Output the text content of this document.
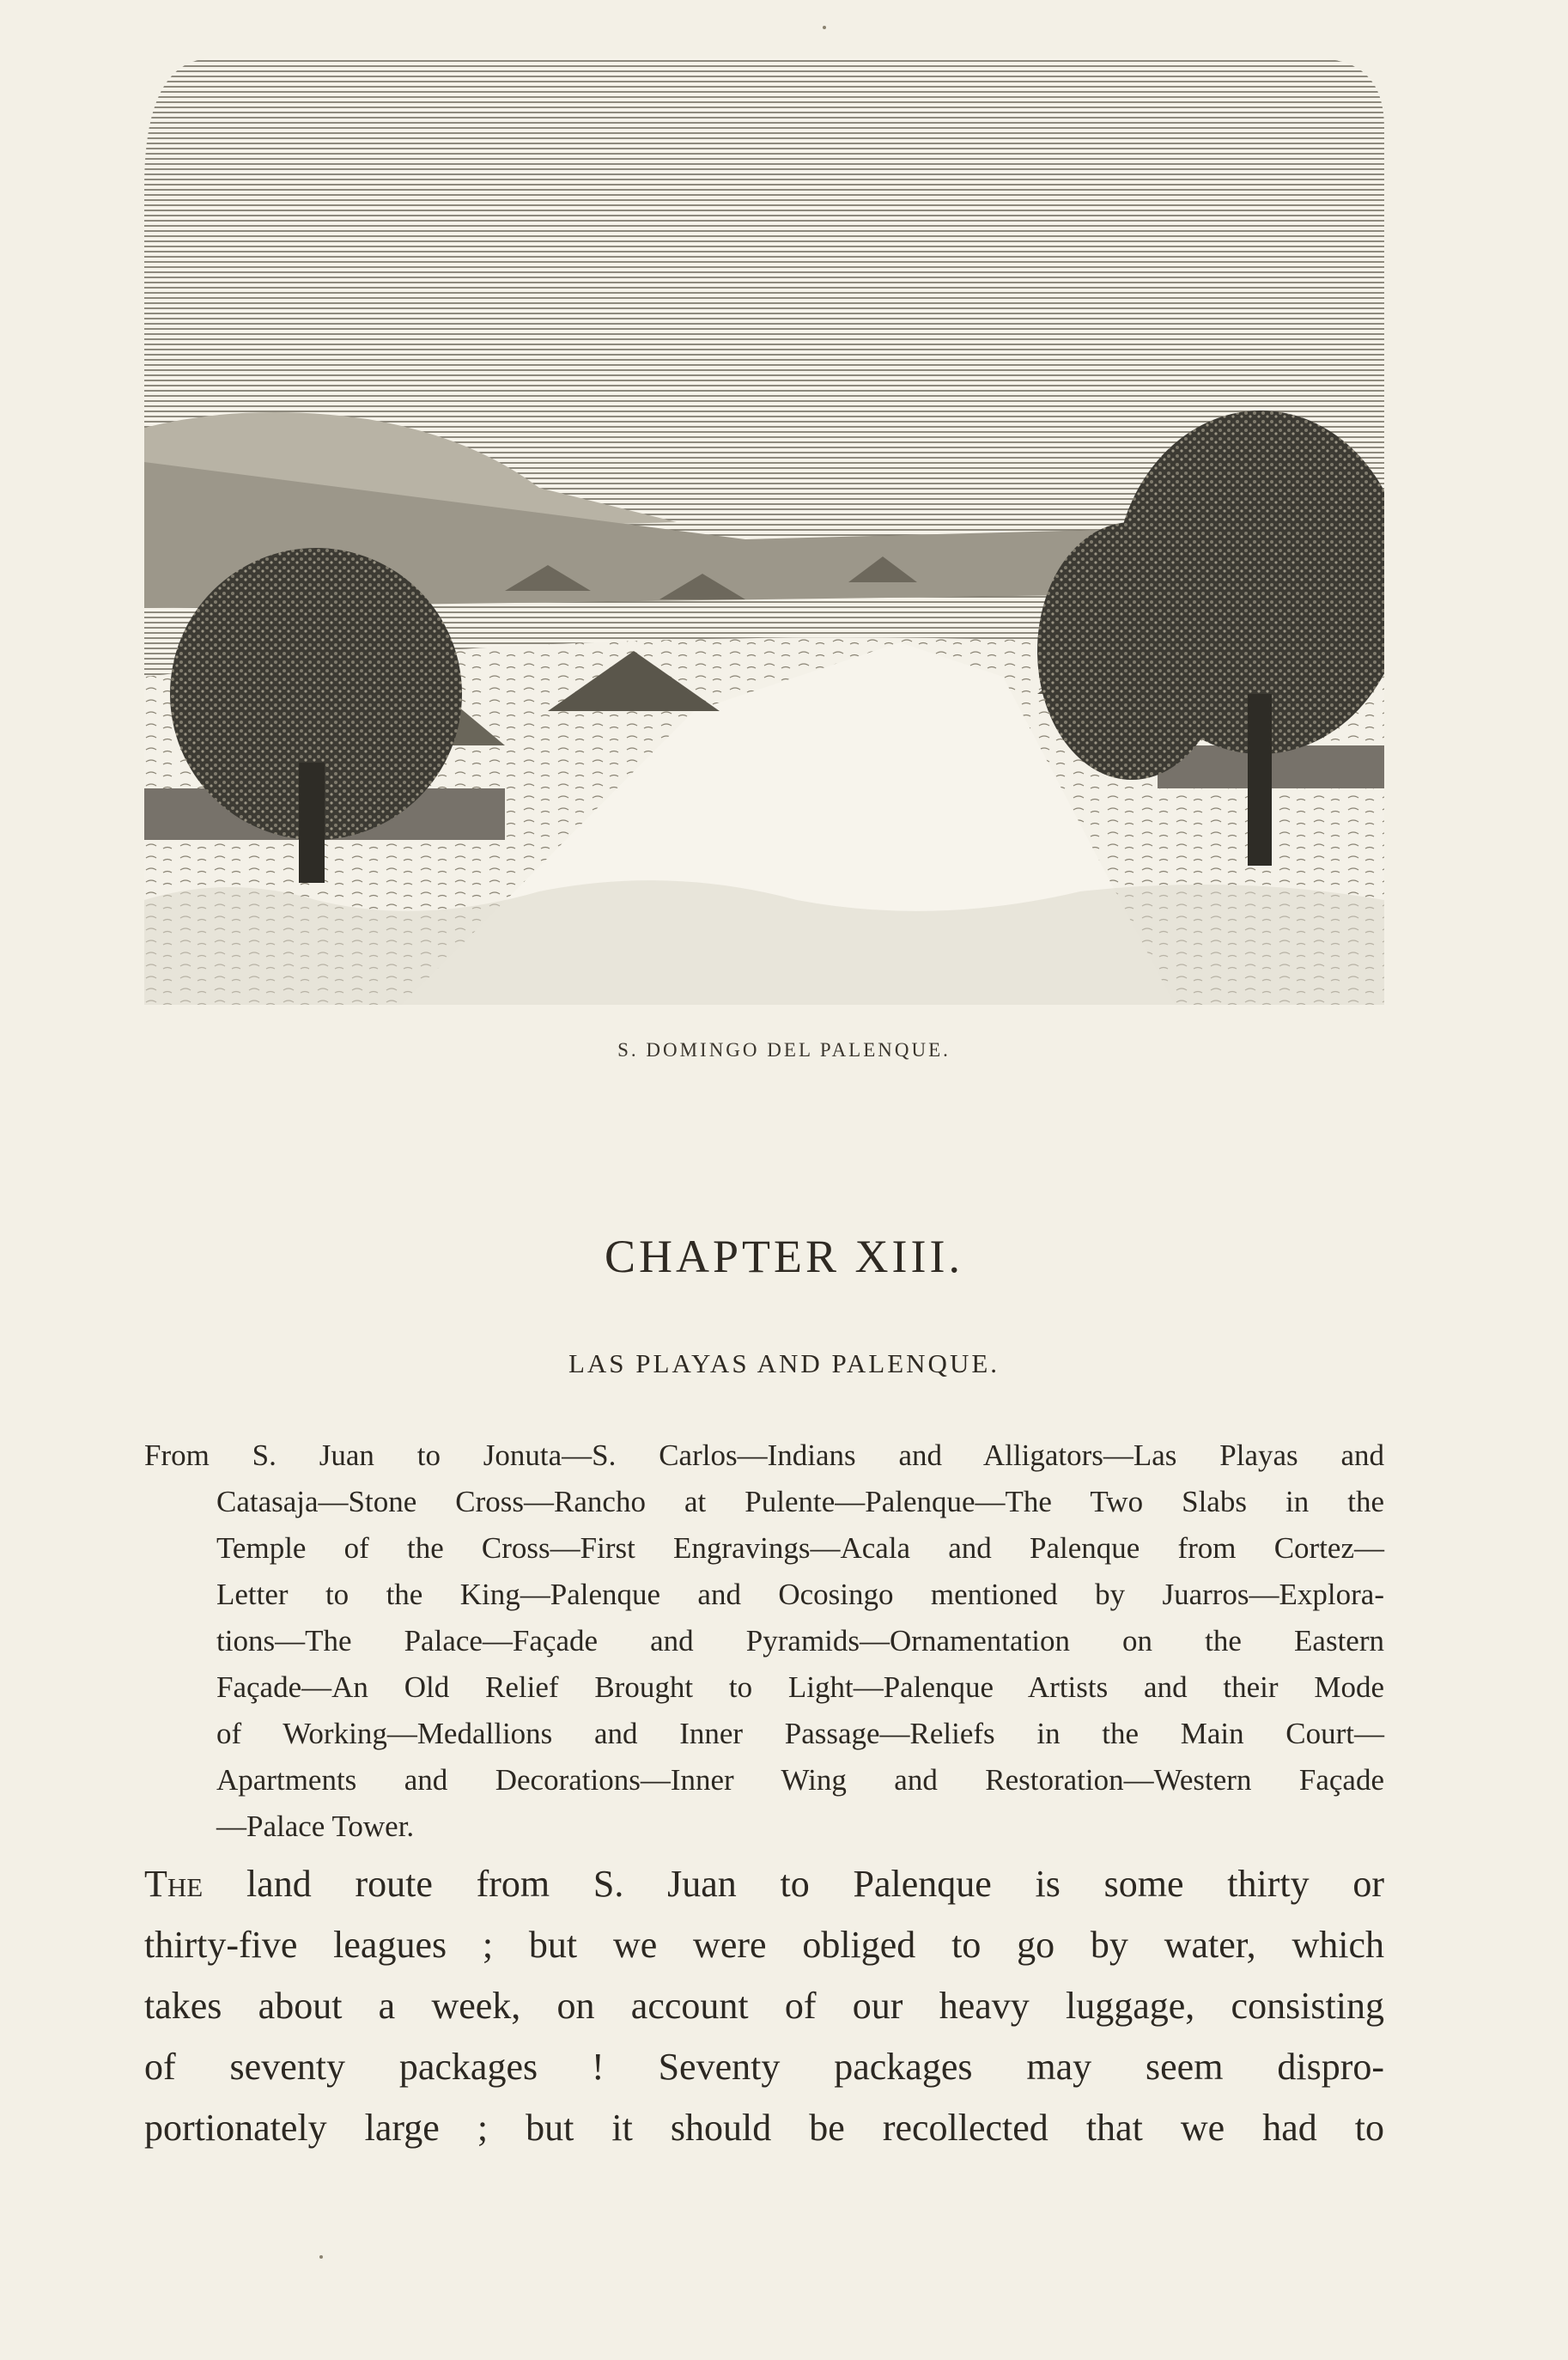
S. DOMINGO DEL PALENQUE.
CHAPTER XIII.
LAS PLAYAS AND PALENQUE.

From S. Juan to Jonuta—S. Carlos—Indians and Alligators—Las Playas and
Catasaja—Stone Cross—Rancho at Pulente—Palenque—The Two Slabs in the
Temple of the Cross—First Engravings—Acala and Palenque from Cortez—
Letter to the King—Palenque and Ocosingo mentioned by Juarros—Explora-
tions—The Palace—Façade and Pyramids—Ornamentation on the Eastern
Façade—An Old Relief Brought to Light—Palenque Artists and their Mode
of Working—Medallions and Inner Passage—Reliefs in the Main Court—
Apartments and Decorations—Inner Wing and Restoration—Western Façade
—Palace Tower.

The land route from S. Juan to Palenque is some thirty or
thirty-five leagues ; but we were obliged to go by water, which
takes about a week, on account of our heavy luggage, consisting
of seventy packages ! Seventy packages may seem dispro-
portionately large ; but it should be recollected that we had to
